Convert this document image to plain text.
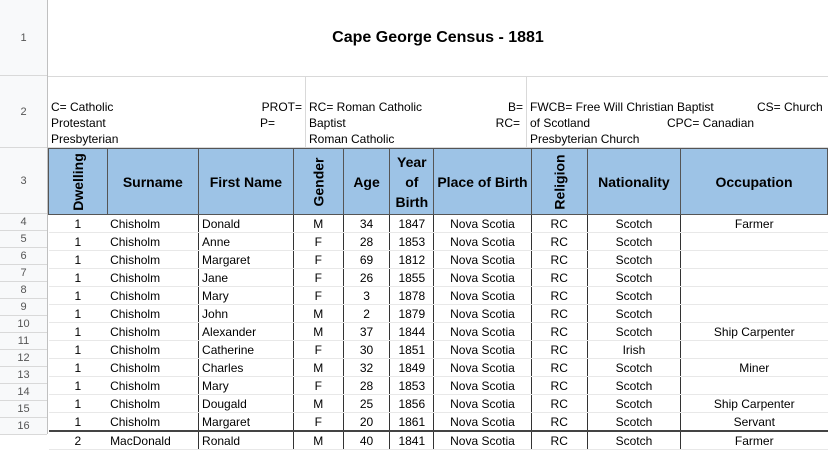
1
2
3
4
5
6
7
8
9
10
11
12
13
14
15
16
Cape George Census - 1881
C= Catholic	PROT=
Protestant	P=
Presbyterian
RC= Roman Catholic	B=
Baptist	RC=
Roman Catholic
FWCB= Free Will Christian Baptist	CS= Church
of Scotland	CPC= Canadian
Presbyterian Church
Dwelling	Surname	First Name	Gender	Age	Year
of
Birth	Place of Birth	Religion	Nationality	Occupation
1	Chisholm	Donald	M	34	1847	Nova Scotia	RC	Scotch	Farmer
1	Chisholm	Anne	F	28	1853	Nova Scotia	RC	Scotch	
1	Chisholm	Margaret	F	69	1812	Nova Scotia	RC	Scotch	
1	Chisholm	Jane	F	26	1855	Nova Scotia	RC	Scotch	
1	Chisholm	Mary	F	3	1878	Nova Scotia	RC	Scotch	
1	Chisholm	John	M	2	1879	Nova Scotia	RC	Scotch	
1	Chisholm	Alexander	M	37	1844	Nova Scotia	RC	Scotch	Ship Carpenter
1	Chisholm	Catherine	F	30	1851	Nova Scotia	RC	Irish	
1	Chisholm	Charles	M	32	1849	Nova Scotia	RC	Scotch	Miner
1	Chisholm	Mary	F	28	1853	Nova Scotia	RC	Scotch	
1	Chisholm	Dougald	M	25	1856	Nova Scotia	RC	Scotch	Ship Carpenter
1	Chisholm	Margaret	F	20	1861	Nova Scotia	RC	Scotch	Servant
2	MacDonald	Ronald	M	40	1841	Nova Scotia	RC	Scotch	Farmer
